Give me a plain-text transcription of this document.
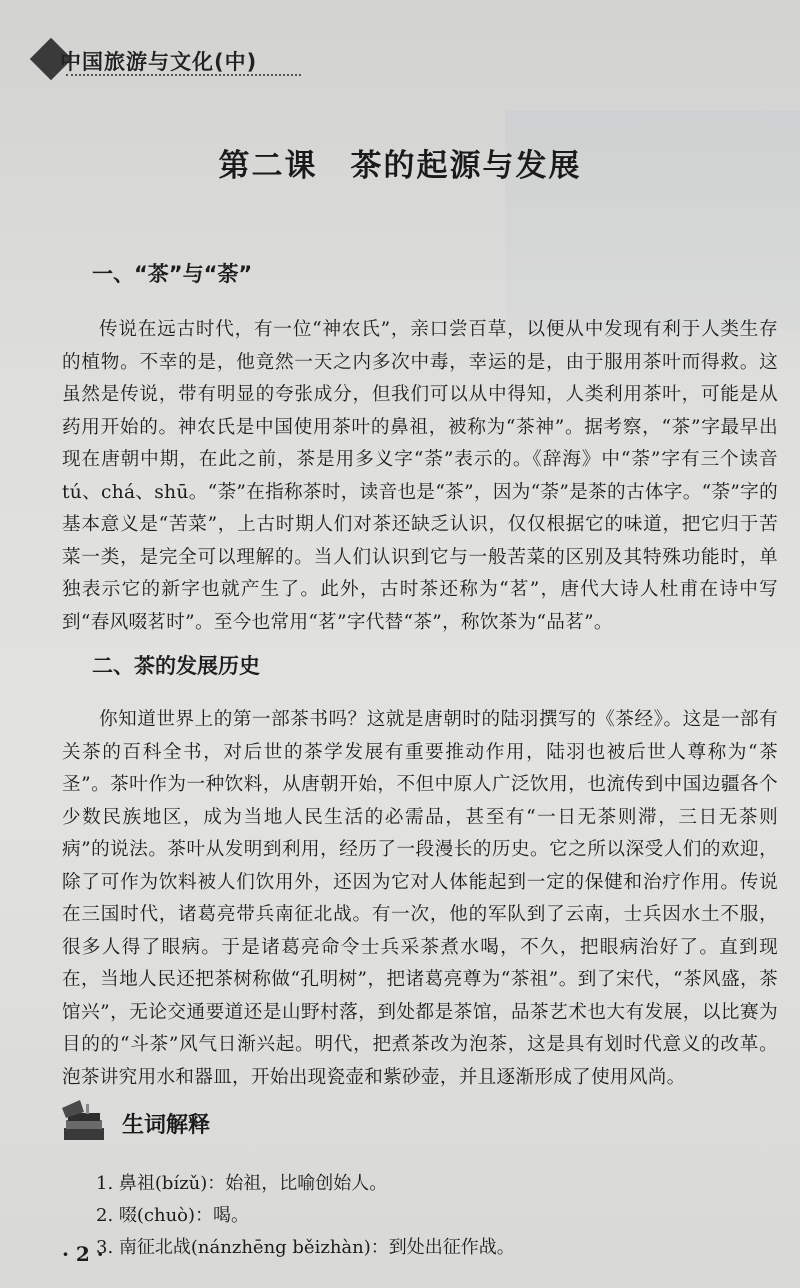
中国旅游与文化(中)
第二课　茶的起源与发展
一、“茶”与“荼”

传说在远古时代，有一位“神农氏”，亲口尝百草，以便从中发现有利于人类生存的植物。不幸的是，他竟然一天之内多次中毒，幸运的是，由于服用茶叶而得救。这虽然是传说，带有明显的夸张成分，但我们可以从中得知，人类利用茶叶，可能是从药用开始的。神农氏是中国使用茶叶的鼻祖，被称为“茶神”。据考察，“茶”字最早出现在唐朝中期，在此之前，茶是用多义字“荼”表示的。《辞海》中“荼”字有三个读音 tú、chá、shū。“荼”在指称茶时，读音也是“茶”，因为“荼”是茶的古体字。“荼”字的基本意义是“苦菜”，上古时期人们对茶还缺乏认识，仅仅根据它的味道，把它归于苦菜一类，是完全可以理解的。当人们认识到它与一般苦菜的区别及其特殊功能时，单独表示它的新字也就产生了。此外，古时茶还称为“茗”，唐代大诗人杜甫在诗中写到“春风啜茗时”。至今也常用“茗”字代替“茶”，称饮茶为“品茗”。

二、茶的发展历史

你知道世界上的第一部茶书吗？这就是唐朝时的陆羽撰写的《茶经》。这是一部有关茶的百科全书，对后世的茶学发展有重要推动作用，陆羽也被后世人尊称为“茶圣”。茶叶作为一种饮料，从唐朝开始，不但中原人广泛饮用，也流传到中国边疆各个少数民族地区，成为当地人民生活的必需品，甚至有“一日无茶则滞，三日无茶则病”的说法。茶叶从发明到利用，经历了一段漫长的历史。它之所以深受人们的欢迎，除了可作为饮料被人们饮用外，还因为它对人体能起到一定的保健和治疗作用。传说在三国时代，诸葛亮带兵南征北战。有一次，他的军队到了云南，士兵因水土不服，很多人得了眼病。于是诸葛亮命令士兵采茶煮水喝，不久，把眼病治好了。直到现在，当地人民还把茶树称做“孔明树”，把诸葛亮尊为“茶祖”。到了宋代，“茶风盛，茶馆兴”，无论交通要道还是山野村落，到处都是茶馆，品茶艺术也大有发展，以比赛为目的的“斗茶”风气日渐兴起。明代，把煮茶改为泡茶，这是具有划时代意义的改革。泡茶讲究用水和器皿，开始出现瓷壶和紫砂壶，并且逐渐形成了使用风尚。

生词解释
1. 鼻祖(bízǔ)：始祖，比喻创始人。
2. 啜(chuò)：喝。
3. 南征北战(nánzhēng běizhàn)：到处出征作战。
· 2 ·
